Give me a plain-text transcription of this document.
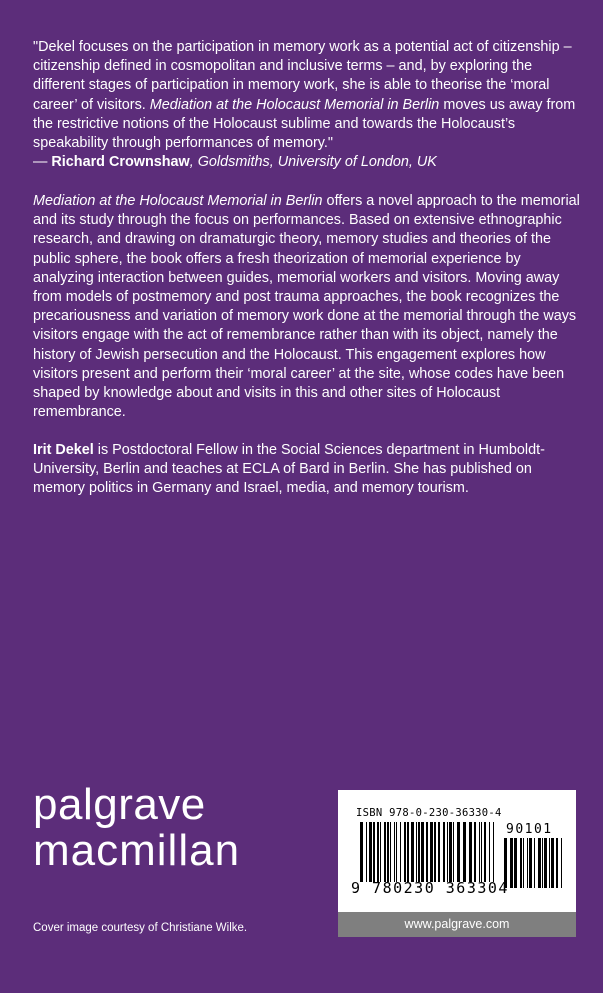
"Dekel focuses on the participation in memory work as a potential act of citizenship – citizenship defined in cosmopolitan and inclusive terms – and, by exploring the different stages of participation in memory work, she is able to theorise the ‘moral career’ of visitors. Mediation at the Holocaust Memorial in Berlin moves us away from the restrictive notions of the Holocaust sublime and towards the Holocaust’s speakability through performances of memory."
— Richard Crownshaw, Goldsmiths, University of London, UK
Mediation at the Holocaust Memorial in Berlin offers a novel approach to the memorial and its study through the focus on performances. Based on extensive ethnographic research, and drawing on dramaturgic theory, memory studies and theories of the public sphere, the book offers a fresh theorization of memorial experience by analyzing interaction between guides, memorial workers and visitors. Moving away from models of postmemory and post trauma approaches, the book recognizes the precariousness and variation of memory work done at the memorial through the ways visitors engage with the act of remembrance rather than with its object, namely the history of Jewish persecution and the Holocaust. This engagement explores how visitors present and perform their ‘moral career’ at the site, whose codes have been shaped by knowledge about and visits in this and other sites of Holocaust remembrance.
Irit Dekel is Postdoctoral Fellow in the Social Sciences department in Humboldt-University, Berlin and teaches at ECLA of Bard in Berlin. She has published on memory politics in Germany and Israel, media, and memory tourism.
palgrave
macmillan
Cover image courtesy of Christiane Wilke.
ISBN 978-0-230-36330-4
90101
9 780230 363304
www.palgrave.com
